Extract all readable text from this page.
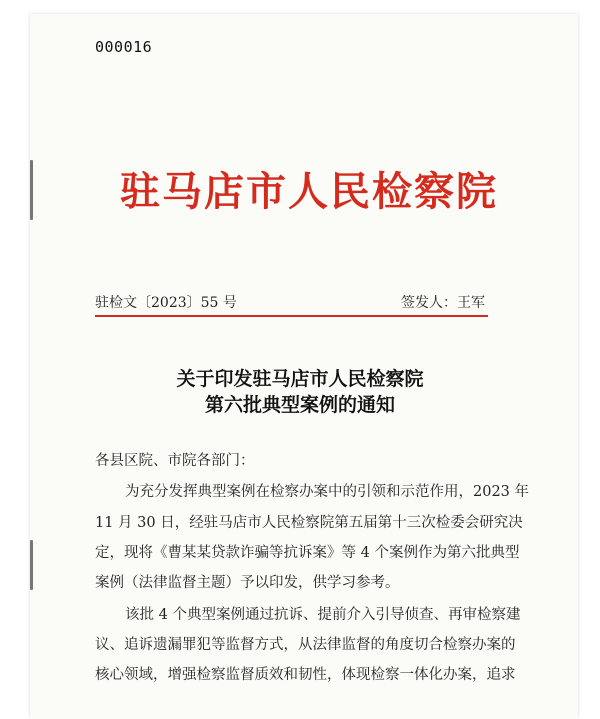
000016
驻马店市人民检察院
驻检文〔2023〕55 号	签发人：王军
关于印发驻马店市人民检察院
第六批典型案例的通知
各县区院、市院各部门：
为充分发挥典型案例在检察办案中的引领和示范作用，2023 年
11 月 30 日，经驻马店市人民检察院第五届第十三次检委会研究决
定，现将《曹某某贷款诈骗等抗诉案》等 4 个案例作为第六批典型
案例（法律监督主题）予以印发，供学习参考。
该批 4 个典型案例通过抗诉、提前介入引导侦查、再审检察建
议、追诉遗漏罪犯等监督方式，从法律监督的角度切合检察办案的
核心领域，增强检察监督质效和韧性，体现检察一体化办案，追求
